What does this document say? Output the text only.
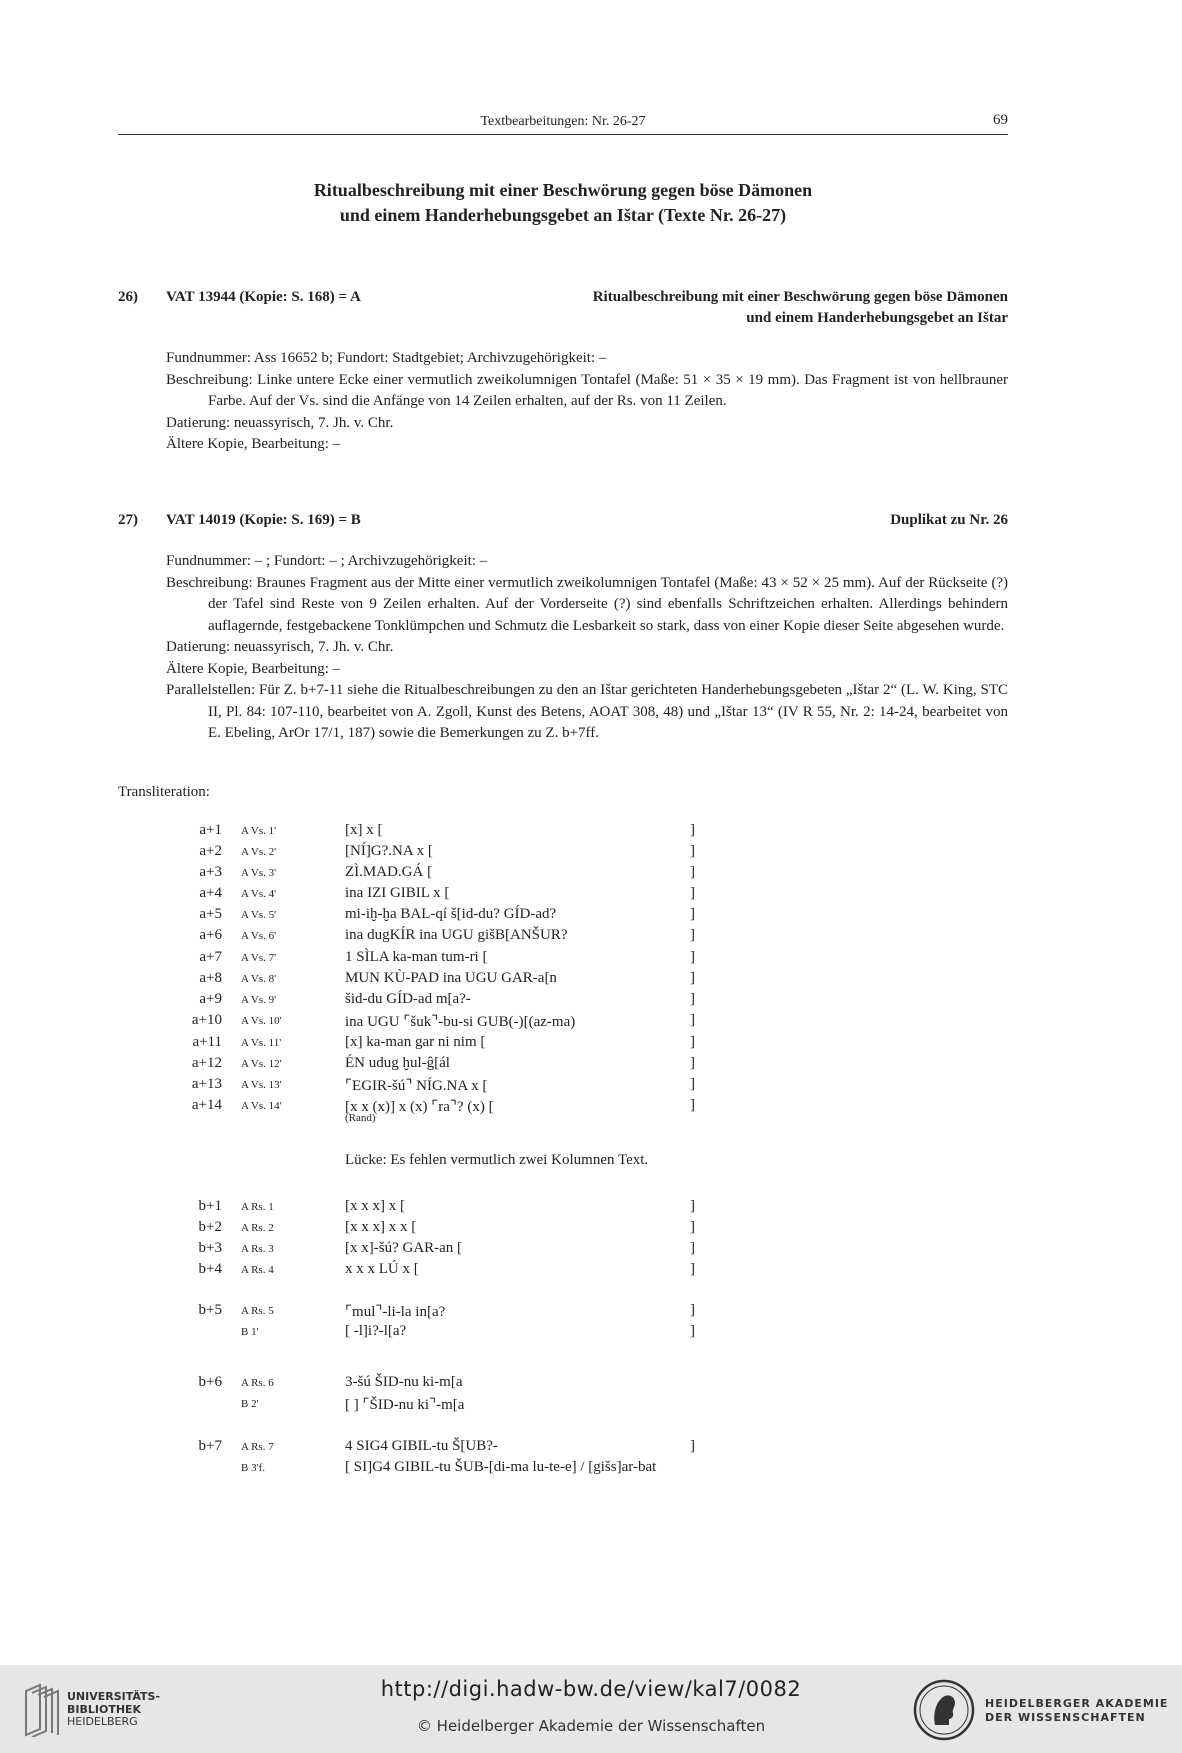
Textbearbeitungen: Nr. 26-27	69
Ritualbeschreibung mit einer Beschwörung gegen böse Dämonen
und einem Handerhebungsgebet an Ištar (Texte Nr. 26-27)
26) VAT 13944 (Kopie: S. 168) = A	Ritualbeschreibung mit einer Beschwörung gegen böse Dämonen
und einem Handerhebungsgebet an Ištar

Fundnummer: Ass 16652 b; Fundort: Stadtgebiet; Archivzugehörigkeit: –

Beschreibung: Linke untere Ecke einer vermutlich zweikolumnigen Tontafel (Maße: 51 × 35 × 19 mm). Das Fragment ist von hellbrauner Farbe. Auf der Vs. sind die Anfänge von 14 Zeilen erhalten, auf der Rs. von 11 Zeilen.

Datierung: neuassyrisch, 7. Jh. v. Chr.

Ältere Kopie, Bearbeitung: –

27) VAT 14019 (Kopie: S. 169) = B	Duplikat zu Nr. 26

Fundnummer: – ; Fundort: – ; Archivzugehörigkeit: –

Beschreibung: Braunes Fragment aus der Mitte einer vermutlich zweikolumnigen Tontafel (Maße: 43 × 52 × 25 mm). Auf der Rückseite (?) der Tafel sind Reste von 9 Zeilen erhalten. Auf der Vorderseite (?) sind ebenfalls Schriftzeichen erhalten. Allerdings behindern auflagernde, festgebackene Tonklümpchen und Schmutz die Lesbarkeit so stark, dass von einer Kopie dieser Seite abgesehen wurde.

Datierung: neuassyrisch, 7. Jh. v. Chr.

Ältere Kopie, Bearbeitung: –

Parallelstellen: Für Z. b+7-11 siehe die Ritualbeschreibungen zu den an Ištar gerichteten Handerhebungsgebeten „Ištar 2“ (L. W. King, STC II, Pl. 84: 107-110, bearbeitet von A. Zgoll, Kunst des Betens, AOAT 308, 48) und „Ištar 13“ (IV R 55, Nr. 2: 14-24, bearbeitet von E. Ebeling, ArOr 17/1, 187) sowie die Bemerkungen zu Z. b+7ff.

Transliteration:
a+1 A Vs. 1'	[x] x [	]
a+2 A Vs. 2'	[NÍ]G?.NA x [	]
a+3 A Vs. 3'	ZÌ.MAD.GÁ [	]
a+4 A Vs. 4'	ina IZI GIBIL x [	]
a+5 A Vs. 5'	mi-iḫ-ḫa BAL-qí š[id-du? GÍD-ad?	]
a+6 A Vs. 6'	ina dugKÍR ina UGU gišB[ANŠUR?	]
a+7 A Vs. 7'	1 SÌLA ka-man tum-ri [	]
a+8 A Vs. 8'	MUN KÙ-PAD ina UGU GAR-a[n	]
a+9 A Vs. 9'	šid-du GÍD-ad m[a?-	]
a+10 A Vs. 10'	ina UGU ⌜šuk⌝-bu-si GUB(-)[(az-ma)	]
a+11 A Vs. 11'	[x] ka-man gar ni nim [	]
a+12 A Vs. 12'	ÉN udug ḫul-ĝ[ál	]
a+13 A Vs. 13'	⌜EGIR-šú⌝ NÍG.NA x [	]
a+14 A Vs. 14'	[x x (x)] x (x) ⌜ra⌝? (x) [	]
b+1 A Rs. 1	[x x x] x [	]
b+2 A Rs. 2	[x x x] x x [	]
b+3 A Rs. 3	[x x]-šú? GAR-an [	]
b+4 A Rs. 4	x x x LÚ x [	]
b+5 A Rs. 5	⌜mul⌝-li-la in[a?	]
B 1'	[ -l]i?-l[a?	]
b+6 A Rs. 6	3-šú ŠID-nu ki-m[a
B 2'	[ ] ⌜ŠID-nu ki⌝-m[a
b+7 A Rs. 7	4 SIG4 GIBIL-tu Š[UB?-	]
B 3'f.	[ SI]G4 GIBIL-tu ŠUB-[di-ma lu-te-e] / [gišs]ar-bat
(Rand)
Lücke: Es fehlen vermutlich zwei Kolumnen Text.
UNIVERSITÄTS-
BIBLIOTHEK
HEIDELBERG
http://digi.hadw-bw.de/view/kal7/0082
© Heidelberger Akademie der Wissenschaften
HEIDELBERGER AKADEMIE
DER WISSENSCHAFTEN
